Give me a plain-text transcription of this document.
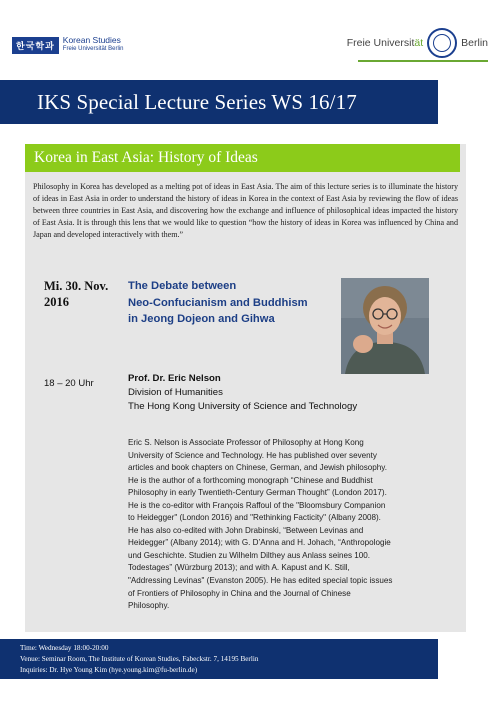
한국학과
Korean Studies
Freie Universität Berlin	Freie Universität	Berlin
IKS Special Lecture Series WS 16/17
Korea in East Asia: History of Ideas

Philosophy in Korea has developed as a melting pot of ideas in East Asia. The aim of this lecture series is to illuminate the history of ideas in East Asia in order to understand the history of ideas in Korea in the context of East Asia by reviewing the flow of ideas between three countries in East Asia, and discovering how the exchange and influence of philosophical ideas impacted the history of East Asia. It is through this lens that we would like to question “how the history of ideas in Korea was influenced by China and Japan and developed interactively with them.”

Mi. 30. Nov.
2016
The Debate between
Neo-Confucianism and Buddhism
in Jeong Dojeon and Gihwa
18 – 20 Uhr	Prof. Dr. Eric Nelson
Division of Humanities
The Hong Kong University of Science and Technology

Eric S. Nelson is Associate Professor of Philosophy at Hong Kong
University of Science and Technology. He has published over seventy
articles and book chapters on Chinese, German, and Jewish philosophy.
He is the author of a forthcoming monograph “Chinese and Buddhist
Philosophy in early Twentieth-Century German Thought” (London 2017).
He is the co-editor with François Raffoul of the "Bloomsbury Companion
to Heidegger" (London 2016) and "Rethinking Facticity" (Albany 2008).
He has also co-edited with John Drabinski, “Between Levinas and
Heidegger” (Albany 2014); with G. D’Anna and H. Johach, “Anthropologie
und Geschichte. Studien zu Wilhelm Dilthey aus Anlass seines 100.
Todestages” (Würzburg 2013); and with A. Kapust and K. Still,
"Addressing Levinas" (Evanston 2005). He has edited special topic issues
of Frontiers of Philosophy in China and the Journal of Chinese
Philosophy.

Time: Wednesday 18:00-20:00
Venue: Seminar Room, The Institute of Korean Studies, Fabeckstr. 7, 14195 Berlin
Inquiries: Dr. Hye Young Kim (hye.young.kim@fu-berlin.de)
